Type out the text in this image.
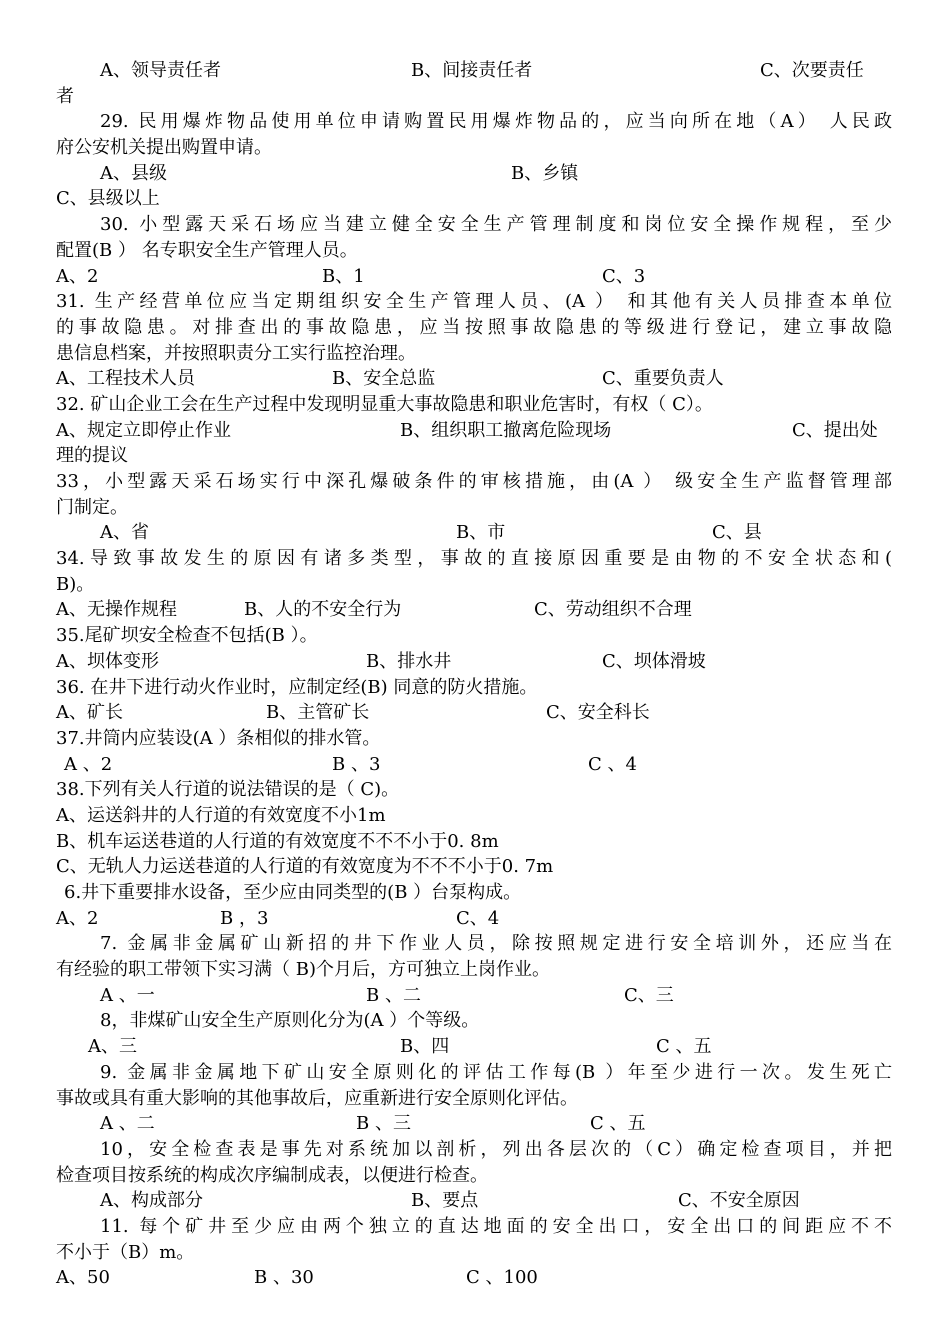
A、领导责任者	B、间接责任者	C、次要责任
者
29. 民用爆炸物品使用单位申请购置民用爆炸物品的，应当向所在地（A） 人民政
府公安机关提出购置申请。
A、县级	B、乡镇
C、县级以上
30. 小型露天采石场应当建立健全安全生产管理制度和岗位安全操作规程，至少
配置(B ） 名专职安全生产管理人员。
A、2	B、1	C、3
31. 生产经营单位应当定期组织安全生产管理人员、(A ） 和其他有关人员排查本单位
的事故隐患。对排查出的事故隐患，应当按照事故隐患的等级进行登记，建立事故隐
患信息档案，并按照职责分工实行监控治理。
A、工程技术人员	B、安全总监	C、重要负责人
32. 矿山企业工会在生产过程中发现明显重大事故隐患和职业危害时，有权（ C）。
A、规定立即停止作业	B、组织职工撤离危险现场	C、提出处
理的提议
33，小型露天采石场实行中深孔爆破条件的审核措施，由(A ） 级安全生产监督管理部
门制定。
A、省	B、市	C、县
34.导致事故发生的原因有诸多类型，事故的直接原因重要是由物的不安全状态和(
B)。
A、无操作规程	B、人的不安全行为	C、劳动组织不合理
35.尾矿坝安全检查不包括(B ）。
A、坝体变形	B、排水井	C、坝体滑坡
36. 在井下进行动火作业时，应制定经(B) 同意的防火措施。
A、矿长	B、主管矿长	C、安全科长
37.井筒内应装设(A ）条相似的排水管。
A 、2	B 、3	C 、4
38.下列有关人行道的说法错误的是（ C)。
A、运送斜井的人行道的有效宽度不小1m
B、机车运送巷道的人行道的有效宽度不不不小于0. 8m
C、无轨人力运送巷道的人行道的有效宽度为不不不小于0. 7m
6.井下重要排水设备，至少应由同类型的(B ）台泵构成。
A、2	B ，3	C、4
7. 金属非金属矿山新招的井下作业人员，除按照规定进行安全培训外，还应当在
有经验的职工带领下实习满（ B)个月后，方可独立上岗作业。
A 、一	B 、二	C、三
8，非煤矿山安全生产原则化分为(A ）个等级。
A、三	B、四	C 、五
9. 金属非金属地下矿山安全原则化的评估工作每(B ）年至少进行一次。发生死亡
事故或具有重大影响的其他事故后，应重新进行安全原则化评估。
A 、二	B 、三	C 、五
10，安全检查表是事先对系统加以剖析，列出各层次的（C）确定检查项目，并把
检查项目按系统的构成次序编制成表，以便进行检查。
A、构成部分	B、要点	C、不安全原因
11. 每个矿井至少应由两个独立的直达地面的安全出口，安全出口的间距应不不
不小于（B）m。
A、50	B 、30	C 、100
